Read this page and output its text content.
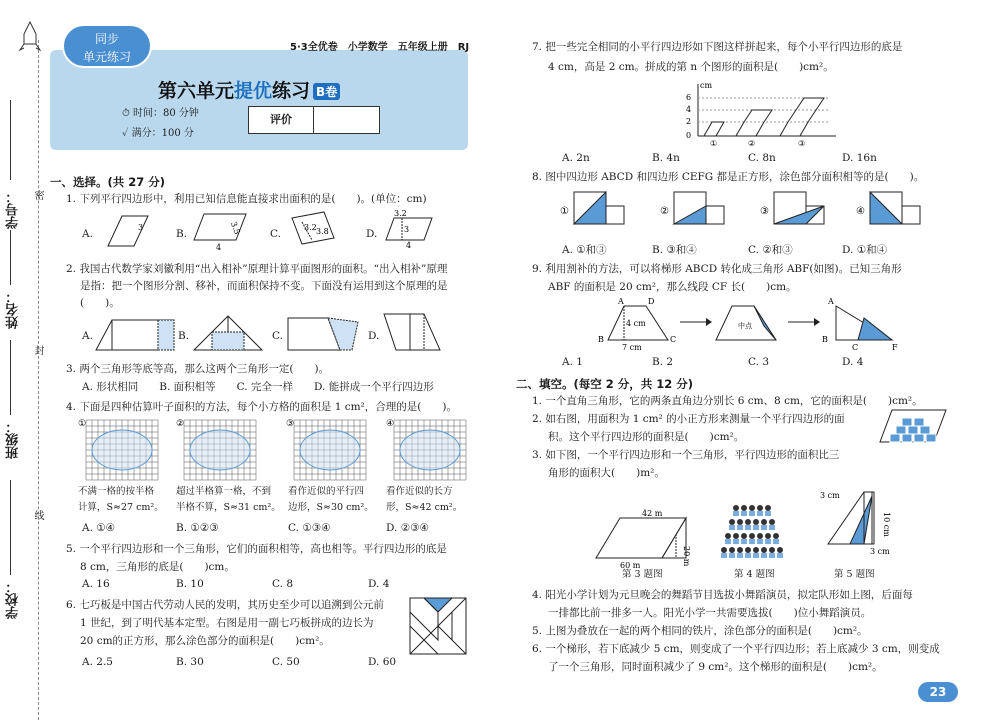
学号：
姓名：
班级：
学校：
密
封
线
同步
单元练习
5·3全优卷　小学数学　五年级上册　RJ
第六单元提优练习 B卷
⏱ 时间：80 分钟
✓ 满分：100 分
评价
一、选择。(共 27 分)
1. 下列平行四边形中，利用已知信息能直接求出面积的是(　　)。(单位：cm)
A.
3
B.	3.5
4
C.
3.2 3.8	D.
3.2
3
4
2. 我国古代数学家刘徽利用“出入相补”原理计算平面图形的面积。“出入相补”原理
是指：把一个图形分割、移补，而面积保持不变。下面没有运用到这个原理的是
(　　)。
A.	B.	C.	D.
3. 两个三角形等底等高，那么这两个三角形一定(　　)。
A. 形状相同　　B. 面积相等　　C. 完全一样　　D. 能拼成一个平行四边形
4. 下面是四种估算叶子面积的方法，每个小方格的面积是 1 cm²，合理的是(　　)。
①	②	③	④
不满一格的按半格
计算，S≈27 cm²。
超过半格算一格，不到
半格不算，S≈31 cm²。
看作近似的平行四
边形，S≈30 cm²。
看作近似的长方
形，S≈42 cm²。
A. ①④	B. ①②③	C. ①③④	D. ②③④
5. 一个平行四边形和一个三角形，它们的面积相等，高也相等。平行四边形的底是
8 cm，三角形的底是(　　)cm。
A. 16	B. 10	C. 8	D. 4
6. 七巧板是中国古代劳动人民的发明，其历史至少可以追溯到公元前
1 世纪，到了明代基本定型。右图是用一副七巧板拼成的边长为
20 cm的正方形，那么涂色部分的面积是(　　)cm²。
A. 2.5	B. 30	C. 50	D. 60
7. 把一些完全相同的小平行四边形如下图这样拼起来，每个小平行四边形的底是
4 cm，高是 2 cm。拼成的第 n 个图形的面积是(　　)cm²。
cm
6
4
2
0
①	②	③
A. 2n	B. 4n	C. 8n	D. 16n
8. 图中四边形 ABCD 和四边形 CEFG 都是正方形，涂色部分面积相等的是(　　)。
①	②	③	④
A. ①和③	B. ③和④	C. ②和③	D. ①和④
9. 利用割补的方法，可以将梯形 ABCD 转化成三角形 ABF(如图)。已知三角形
ABF 的面积是 20 cm²，那么线段 CF 长(　　)cm。
4 cm
7 cm
A	D
B	C
中点
A
B
C	F
A. 1	B. 2	C. 3	D. 4
二、填空。(每空 2 分，共 12 分)
1. 一个直角三角形，它的两条直角边分别长 6 cm、8 cm，它的面积是(　　)cm²。
2. 如右图，用面积为 1 cm² 的小正方形来测量一个平行四边形的面
积。这个平行四边形的面积是(　　)cm²。
3. 如下图，一个平行四边形和一个三角形，平行四边形的面积比三
角形的面积大(　　)m²。
42 m
60 m	20 m
3 cm
10 cm
3 cm
第 3 题图	第 4 题图	第 5 题图
4. 阳光小学计划为元旦晚会的舞蹈节目选拔小舞蹈演员，拟定队形如上图，后面每
一排都比前一排多一人。阳光小学一共需要选拔(　　)位小舞蹈演员。
5. 上图为叠放在一起的两个相同的铁片，涂色部分的面积是(　　)cm²。
6. 一个梯形，若下底减少 5 cm，则变成了一个平行四边形；若上底减少 3 cm，则变成
了一个三角形，同时面积减少了 9 cm²。这个梯形的面积是(　　)cm²。
23
